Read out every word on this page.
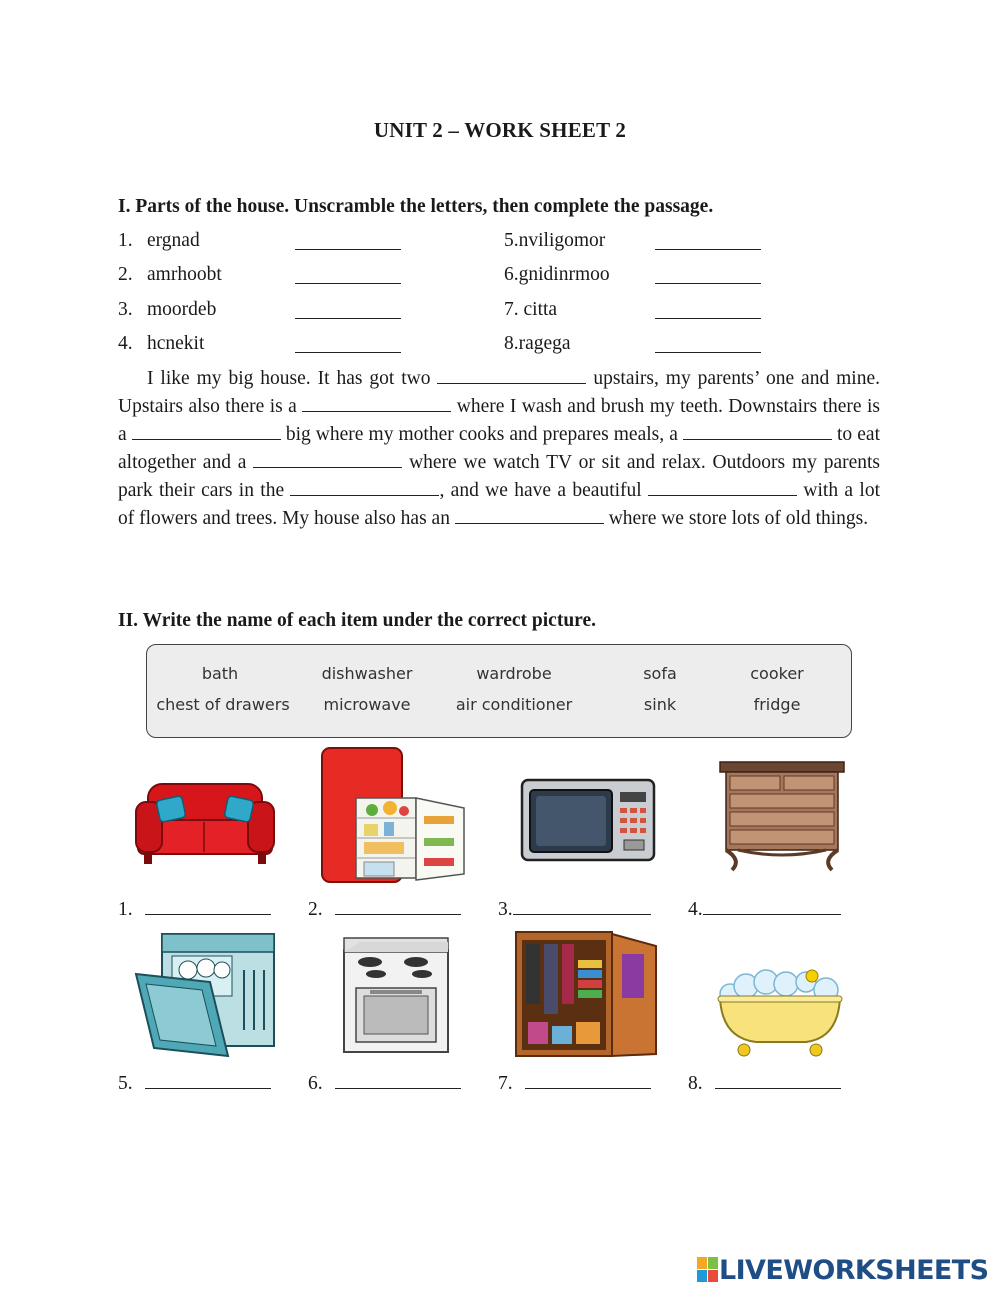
UNIT 2 – WORK SHEET 2
I. Parts of the house. Unscramble the letters, then complete the passage.
1. ergnad	5.nviligomor
2. amrhoobt	6.gnidinrmoo
3. moordeb	7. citta
4. hcnekit	8.ragega

I like my big house. It has got two	upstairs, my parents’ one and mine. Upstairs also there is a	where I wash and brush my teeth. Downstairs there is a	big where my mother cooks and prepares meals, a	to eat altogether and a	where we watch TV or sit and relax. Outdoors my parents park their cars in the	, and we have a beautiful	with a lot of flowers and trees. My house also has an	where we store lots of old things.

II. Write the name of each item under the correct picture.
bath	dishwasher	wardrobe	sofa	cooker
chest of drawers microwave	air conditioner	sink	fridge
1.	2.	3.	4.
5.	6.	7.	8.
LIVEWORKSHEETS
